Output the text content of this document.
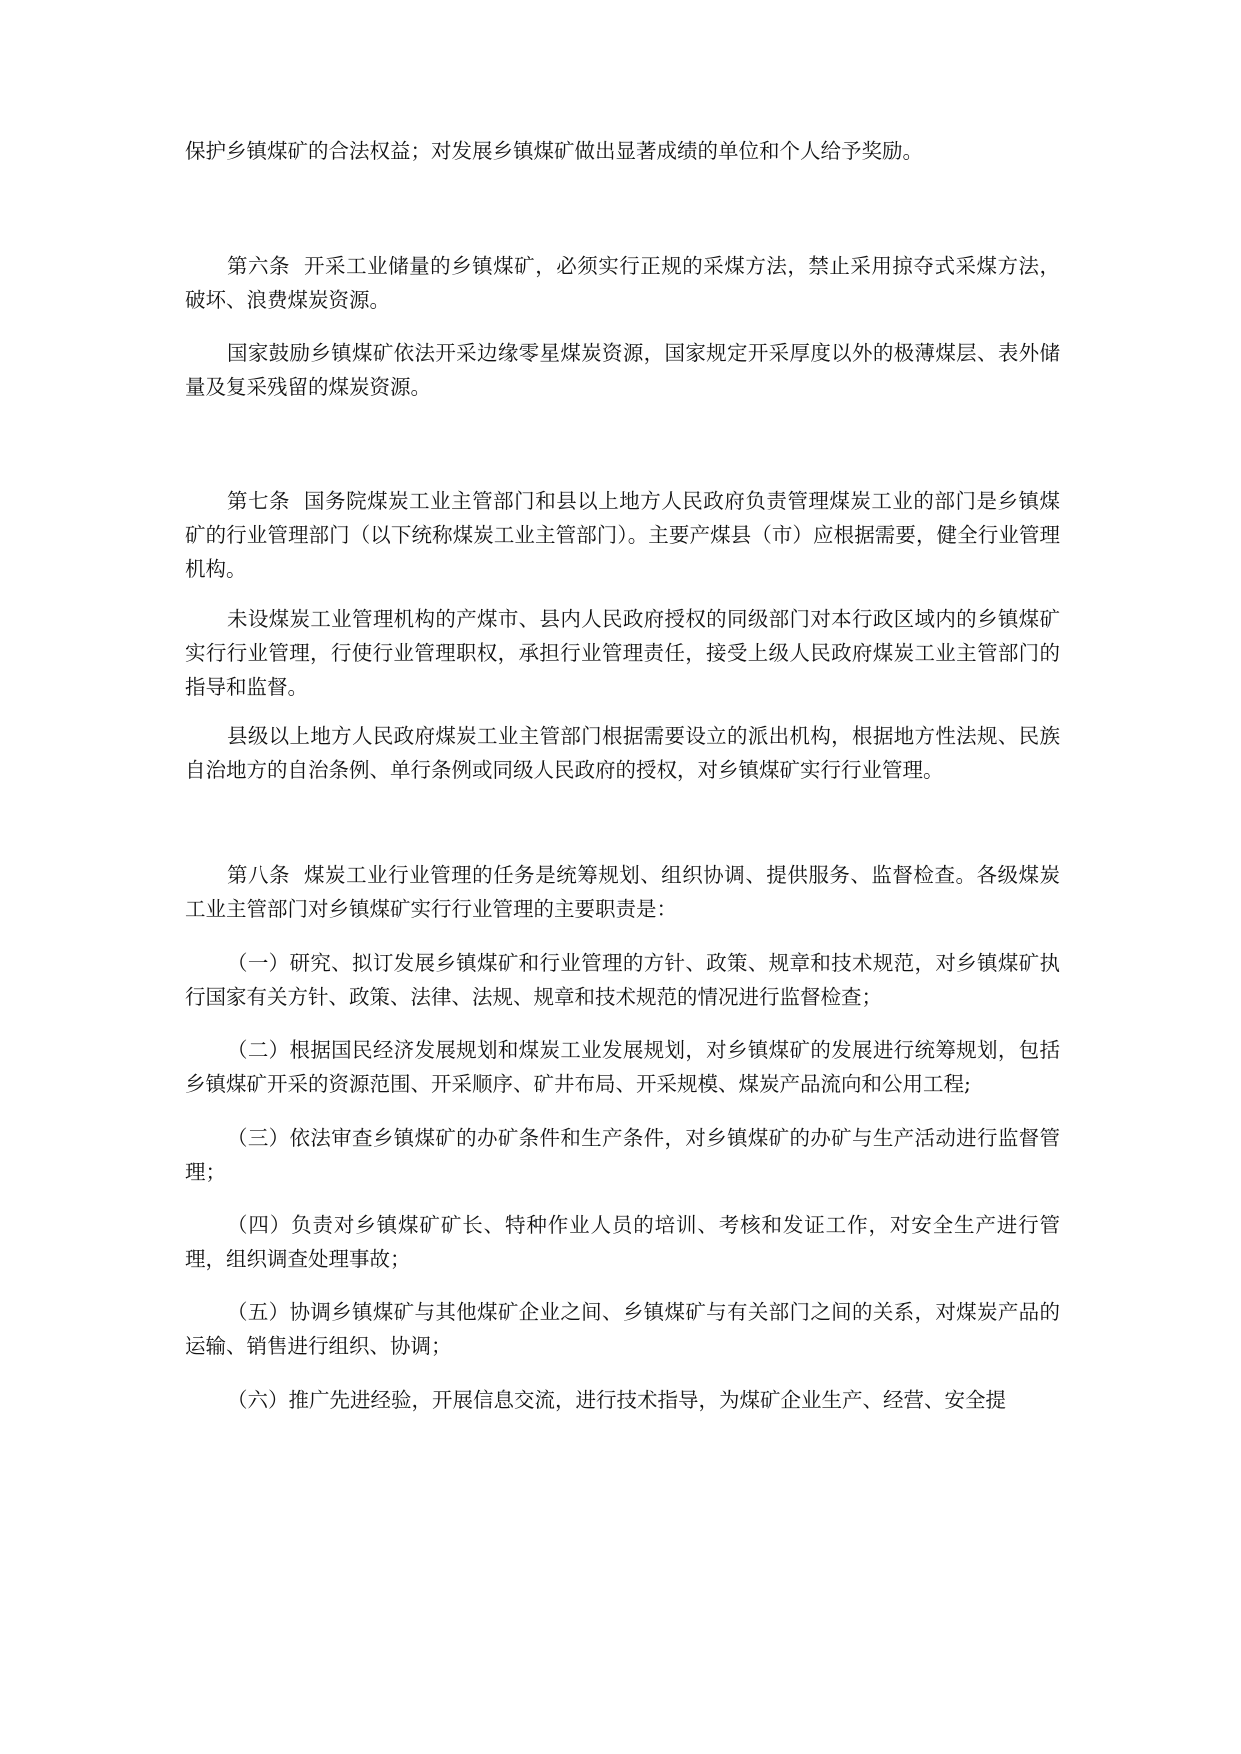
保护乡镇煤矿的合法权益；对发展乡镇煤矿做出显著成绩的单位和个人给予奖励。

第六条 开采工业储量的乡镇煤矿，必须实行正规的采煤方法，禁止采用掠夺式采煤方法，破坏、浪费煤炭资源。

国家鼓励乡镇煤矿依法开采边缘零星煤炭资源，国家规定开采厚度以外的极薄煤层、表外储量及复采残留的煤炭资源。

第七条 国务院煤炭工业主管部门和县以上地方人民政府负责管理煤炭工业的部门是乡镇煤矿的行业管理部门（以下统称煤炭工业主管部门）。主要产煤县（市）应根据需要，健全行业管理机构。

未设煤炭工业管理机构的产煤市、县内人民政府授权的同级部门对本行政区域内的乡镇煤矿实行行业管理，行使行业管理职权，承担行业管理责任，接受上级人民政府煤炭工业主管部门的指导和监督。

县级以上地方人民政府煤炭工业主管部门根据需要设立的派出机构，根据地方性法规、民族自治地方的自治条例、单行条例或同级人民政府的授权，对乡镇煤矿实行行业管理。

第八条 煤炭工业行业管理的任务是统筹规划、组织协调、提供服务、监督检查。各级煤炭工业主管部门对乡镇煤矿实行行业管理的主要职责是：

（一）研究、拟订发展乡镇煤矿和行业管理的方针、政策、规章和技术规范，对乡镇煤矿执行国家有关方针、政策、法律、法规、规章和技术规范的情况进行监督检查；

（二）根据国民经济发展规划和煤炭工业发展规划，对乡镇煤矿的发展进行统筹规划，包括乡镇煤矿开采的资源范围、开采顺序、矿井布局、开采规模、煤炭产品流向和公用工程;

（三）依法审查乡镇煤矿的办矿条件和生产条件，对乡镇煤矿的办矿与生产活动进行监督管理；

（四）负责对乡镇煤矿矿长、特种作业人员的培训、考核和发证工作，对安全生产进行管理，组织调查处理事故；

（五）协调乡镇煤矿与其他煤矿企业之间、乡镇煤矿与有关部门之间的关系，对煤炭产品的运输、销售进行组织、协调；

（六）推广先进经验，开展信息交流，进行技术指导，为煤矿企业生产、经营、安全提
